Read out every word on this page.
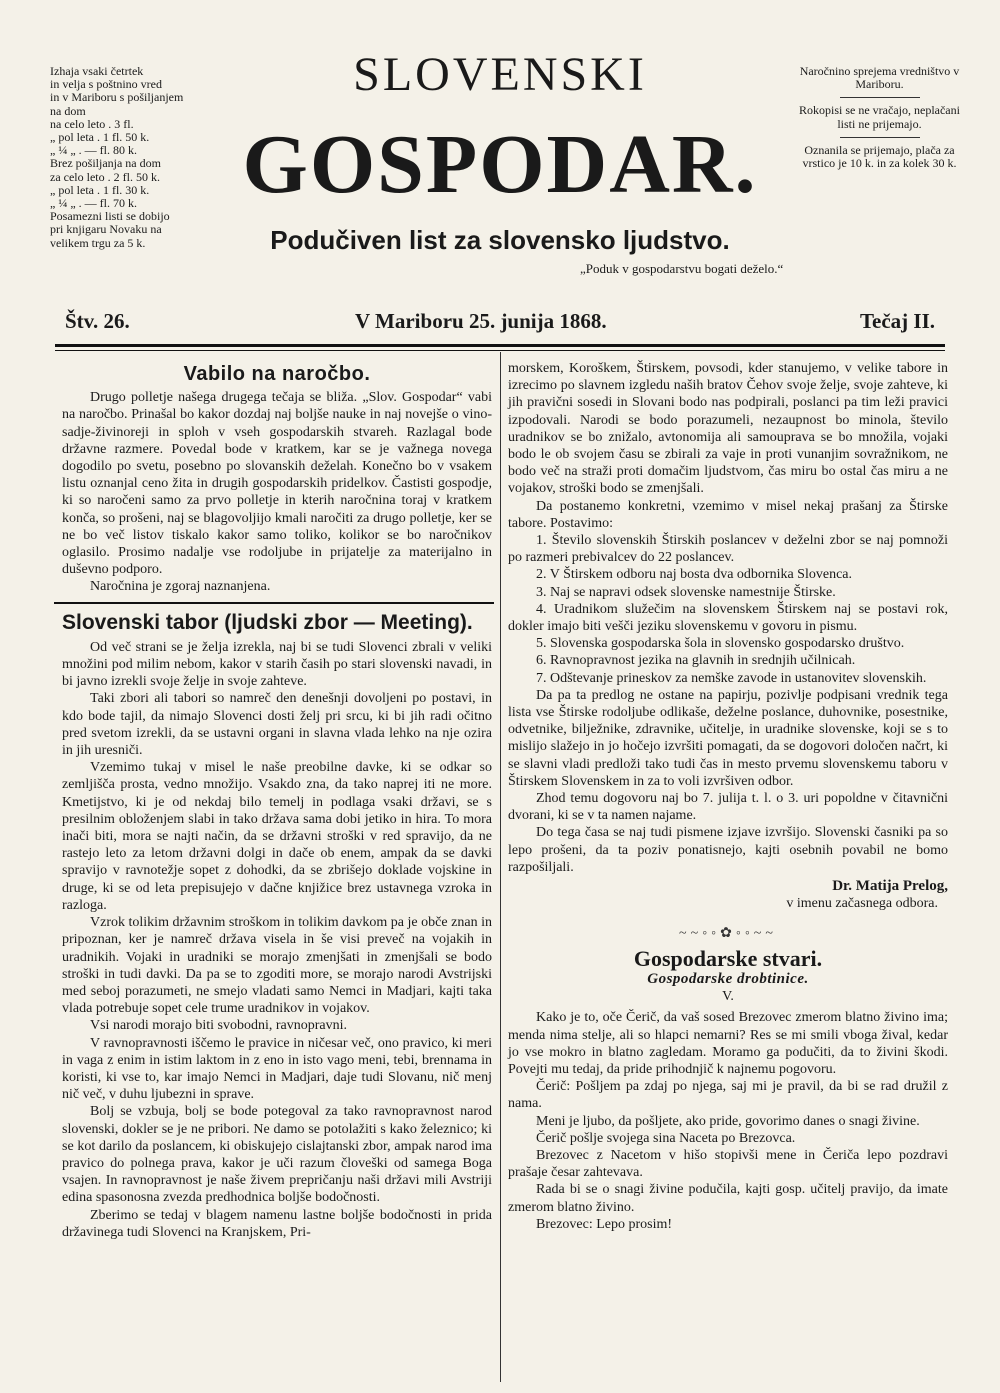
SLOVENSKI
GOSPODAR.
Podučiven list za slovensko ljudstvo.
„Poduk v gospodarstvu bogati deželo.“
Izhaja vsaki četrtek
in velja s poštnino vred
in v Mariboru s pošiljanjem
na dom
na celo leto . 3 fl.
„ pol leta . 1 fl. 50 k.
„ ¼ „ . — fl. 80 k.
Brez pošiljanja na dom
za celo leto . 2 fl. 50 k.
„ pol leta . 1 fl. 30 k.
„ ¼ „ . — fl. 70 k.
Posamezni listi se dobijo
pri knjigaru Novaku na
velikem trgu za 5 k.
Naročnino sprejema vredništvo v Mariboru.
Rokopisi se ne vračajo, neplačani listi ne prijemajo.
Oznanila se prijemajo, plača za vrstico je 10 k. in za kolek 30 k.
Štv. 26.	V Mariboru 25. junija 1868.	Tečaj II.
Vabilo na naročbo.

Drugo polletje našega drugega tečaja se bliža. „Slov. Gospodar“ vabi na naročbo. Prinašal bo kakor dozdaj naj boljše nauke in naj novejše o vino-sadje-živinoreji in sploh v vseh gospodarskih stvareh. Razlagal bode državne razmere. Povedal bode v kratkem, kar se je važnega novega dogodilo po svetu, posebno po slovanskih deželah. Konečno bo v vsakem listu oznanjal ceno žita in drugih gospodarskih pridelkov. Častisti gospodje, ki so naročeni samo za prvo polletje in kterih naročnina toraj v kratkem konča, so prošeni, naj se blagovoljijo kmali naročiti za drugo polletje, ker se ne bo več listov tiskalo kakor samo toliko, kolikor se bo naročnikov oglasilo. Prosimo nadalje vse rodoljube in prijatelje za materijalno in duševno podporo.

Naročnina je zgoraj naznanjena.

Slovenski tabor (ljudski zbor — Meeting).

Od več strani se je želja izrekla, naj bi se tudi Slovenci zbrali v veliki množini pod milim nebom, kakor v starih časih po stari slovenski navadi, in bi javno izrekli svoje želje in svoje zahteve.

Taki zbori ali tabori so namreč den denešnji dovoljeni po postavi, in kdo bode tajil, da nimajo Slovenci dosti želj pri srcu, ki bi jih radi očitno pred svetom izrekli, da se ustavni organi in slavna vlada lehko na nje ozira in jih uresniči.

Vzemimo tukaj v misel le naše preobilne davke, ki se odkar so zemljišča prosta, vedno množijo. Vsakdo zna, da tako naprej iti ne more. Kmetijstvo, ki je od nekdaj bilo temelj in podlaga vsaki državi, se s presilnim obloženjem slabi in tako država sama dobi jetiko in hira. To mora inači biti, mora se najti način, da se državni stroški v red spravijo, da ne rastejo leto za letom državni dolgi in dače ob enem, ampak da se davki spravijo v ravnotežje sopet z dohodki, da se zbrišejo doklade vojskine in druge, ki se od leta prepisujejo v dačne knjižice brez ustavnega vzroka in razloga.

Vzrok tolikim državnim stroškom in tolikim davkom pa je obče znan in pripoznan, ker je namreč država visela in še visi preveč na vojakih in uradnikih. Vojaki in uradniki se morajo zmenjšati in zmenjšali se bodo stroški in tudi davki. Da pa se to zgoditi more, se morajo narodi Avstrijski med seboj porazumeti, ne smejo vladati samo Nemci in Madjari, kajti taka vlada potrebuje sopet cele trume uradnikov in vojakov.

Vsi narodi morajo biti svobodni, ravnopravni.

V ravnopravnosti iščemo le pravice in ničesar več, ono pravico, ki meri in vaga z enim in istim laktom in z eno in isto vago meni, tebi, brennama in koristi, ki vse to, kar imajo Nemci in Madjari, daje tudi Slovanu, nič menj nič več, v duhu ljubezni in sprave.

Bolj se vzbuja, bolj se bode potegoval za tako ravnopravnost narod slovenski, dokler se je ne pribori. Ne damo se potolažiti s kako železnico; ki se kot darilo da poslancem, ki obiskujejo cislajtanski zbor, ampak narod ima pravico do polnega prava, kakor je uči razum človeški od samega Boga vsajen. In ravnopravnost je naše živem prepričanju naši državi mili Avstriji edina spasonosna zvezda predhodnica boljše bodočnosti.

Zberimo se tedaj v blagem namenu lastne boljše bodočnosti in prida državinega tudi Slovenci na Kranjskem, Pri-

morskem, Koroškem, Štirskem, povsodi, kder stanujemo, v velike tabore in izrecimo po slavnem izgledu naših bratov Čehov svoje želje, svoje zahteve, ki jih pravični sosedi in Slovani bodo nas podpirali, poslanci pa tim leži pravici izpodovali. Narodi se bodo porazumeli, nezaupnost bo minola, število uradnikov se bo znižalo, avtonomija ali samouprava se bo množila, vojaki bodo le ob svojem času se zbirali za vaje in proti vunanjim sovražnikom, ne bodo več na straži proti domačim ljudstvom, čas miru bo ostal čas miru a ne vojakov, stroški bodo se zmenjšali.

Da postanemo konkretni, vzemimo v misel nekaj prašanj za Štirske tabore. Postavimo:

1. Število slovenskih Štirskih poslancev v deželni zbor se naj pomnoži po razmeri prebivalcev do 22 poslancev.

2. V Štirskem odboru naj bosta dva odbornika Slovenca.

3. Naj se napravi odsek slovenske namestnije Štirske.

4. Uradnikom služečim na slovenskem Štirskem naj se postavi rok, dokler imajo biti vešči jeziku slovenskemu v govoru in pismu.

5. Slovenska gospodarska šola in slovensko gospodarsko društvo.

6. Ravnopravnost jezika na glavnih in srednjih učilnicah.

7. Odštevanje prineskov za nemške zavode in ustanovitev slovenskih.

Da pa ta predlog ne ostane na papirju, pozivlje podpisani vrednik tega lista vse Štirske rodoljube odlikaše, deželne poslance, duhovnike, posestnike, odvetnike, bilježnike, zdravnike, učitelje, in uradnike slovenske, koji se s to mislijo slažejo in jo hočejo izvršiti pomagati, da se dogovori določen načrt, ki se slavni vladi predloži tako tudi čas in mesto prvemu slovenskemu taboru v Štirskem Slovenskem in za to voli izvršiven odbor.

Zhod temu dogovoru naj bo 7. julija t. l. o 3. uri popoldne v čitavnični dvorani, ki se v ta namen najame.

Do tega časa se naj tudi pismene izjave izvršijo. Slovenski časniki pa so lepo prošeni, da ta poziv ponatisnejo, kajti osebnih povabil ne bomo razpošiljali.

Dr. Matija Prelog,
v imenu začasnega odbora.
~~◦◦✿◦◦~~
Gospodarske stvari.
Gospodarske drobtinice.
V.

Kako je to, oče Čerič, da vaš sosed Brezovec zmerom blatno živino ima; menda nima stelje, ali so hlapci nemarni? Res se mi smili vboga žival, kedar jo vse mokro in blatno zagledam. Moramo ga podučiti, da to živini škodi. Povejti mu tedaj, da pride prihodnjič k najnemu pogovoru.

Čerič: Pošljem pa zdaj po njega, saj mi je pravil, da bi se rad družil z nama.

Meni je ljubo, da pošljete, ako pride, govorimo danes o snagi živine.

Čerič pošlje svojega sina Naceta po Brezovca.

Brezovec z Nacetom v hišo stopivši mene in Čeriča lepo pozdravi prašaje česar zahtevava.

Rada bi se o snagi živine podučila, kajti gosp. učitelj pravijo, da imate zmerom blatno živino.

Brezovec: Lepo prosim!
